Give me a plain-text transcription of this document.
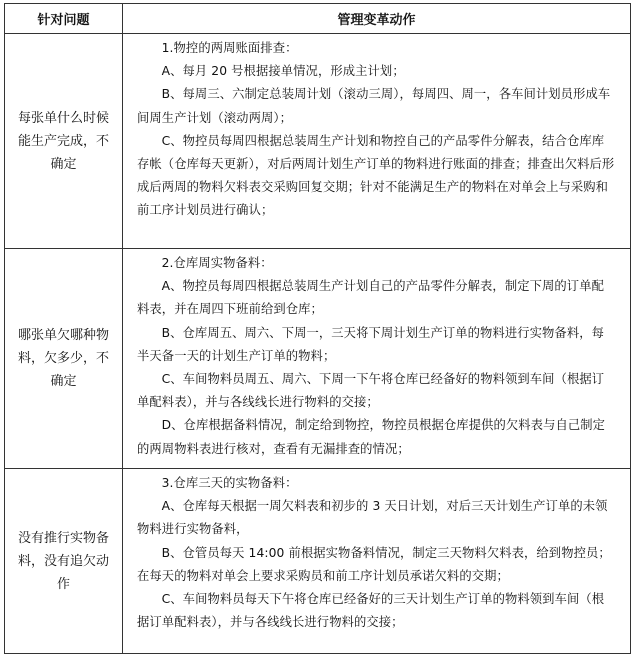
针对问题	管理变革动作
每张单什么时候能生产完成，不确定	1.物控的两周账面排查：

A、每月 20 号根据接单情况，形成主计划；

B、每周三、六制定总装周计划（滚动三周），每周四、周一，各车间计划员形成车间周生产计划（滚动两周）；

C、物控员每周四根据总装周生产计划和物控自己的产品零件分解表，结合仓库库存帐（仓库每天更新），对后两周计划生产订单的物料进行账面的排查；排查出欠料后形成后两周的物料欠料表交采购回复交期；针对不能满足生产的物料在对单会上与采购和前工序计划员进行确认；

哪张单欠哪种物料，欠多少，不确定	2.仓库周实物备料：

A、物控员每周四根据总装周生产计划自己的产品零件分解表，制定下周的订单配料表，并在周四下班前给到仓库；

B、仓库周五、周六、下周一，三天将下周计划生产订单的物料进行实物备料，每半天备一天的计划生产订单的物料；

C、车间物料员周五、周六、下周一下午将仓库已经备好的物料领到车间（根据订单配料表），并与各线线长进行物料的交接；

D、仓库根据备料情况，制定给到物控，物控员根据仓库提供的欠料表与自己制定的两周物料表进行核对，查看有无漏排查的情况；

没有推行实物备料，没有追欠动作	3.仓库三天的实物备料：

A、仓库每天根据一周欠料表和初步的 3 天日计划，对后三天计划生产订单的未领物料进行实物备料，

B、仓管员每天 14:00 前根据实物备料情况，制定三天物料欠料表，给到物控员；在每天的物料对单会上要求采购员和前工序计划员承诺欠料的交期；

C、车间物料员每天下午将仓库已经备好的三天计划生产订单的物料领到车间（根据订单配料表），并与各线线长进行物料的交接；
